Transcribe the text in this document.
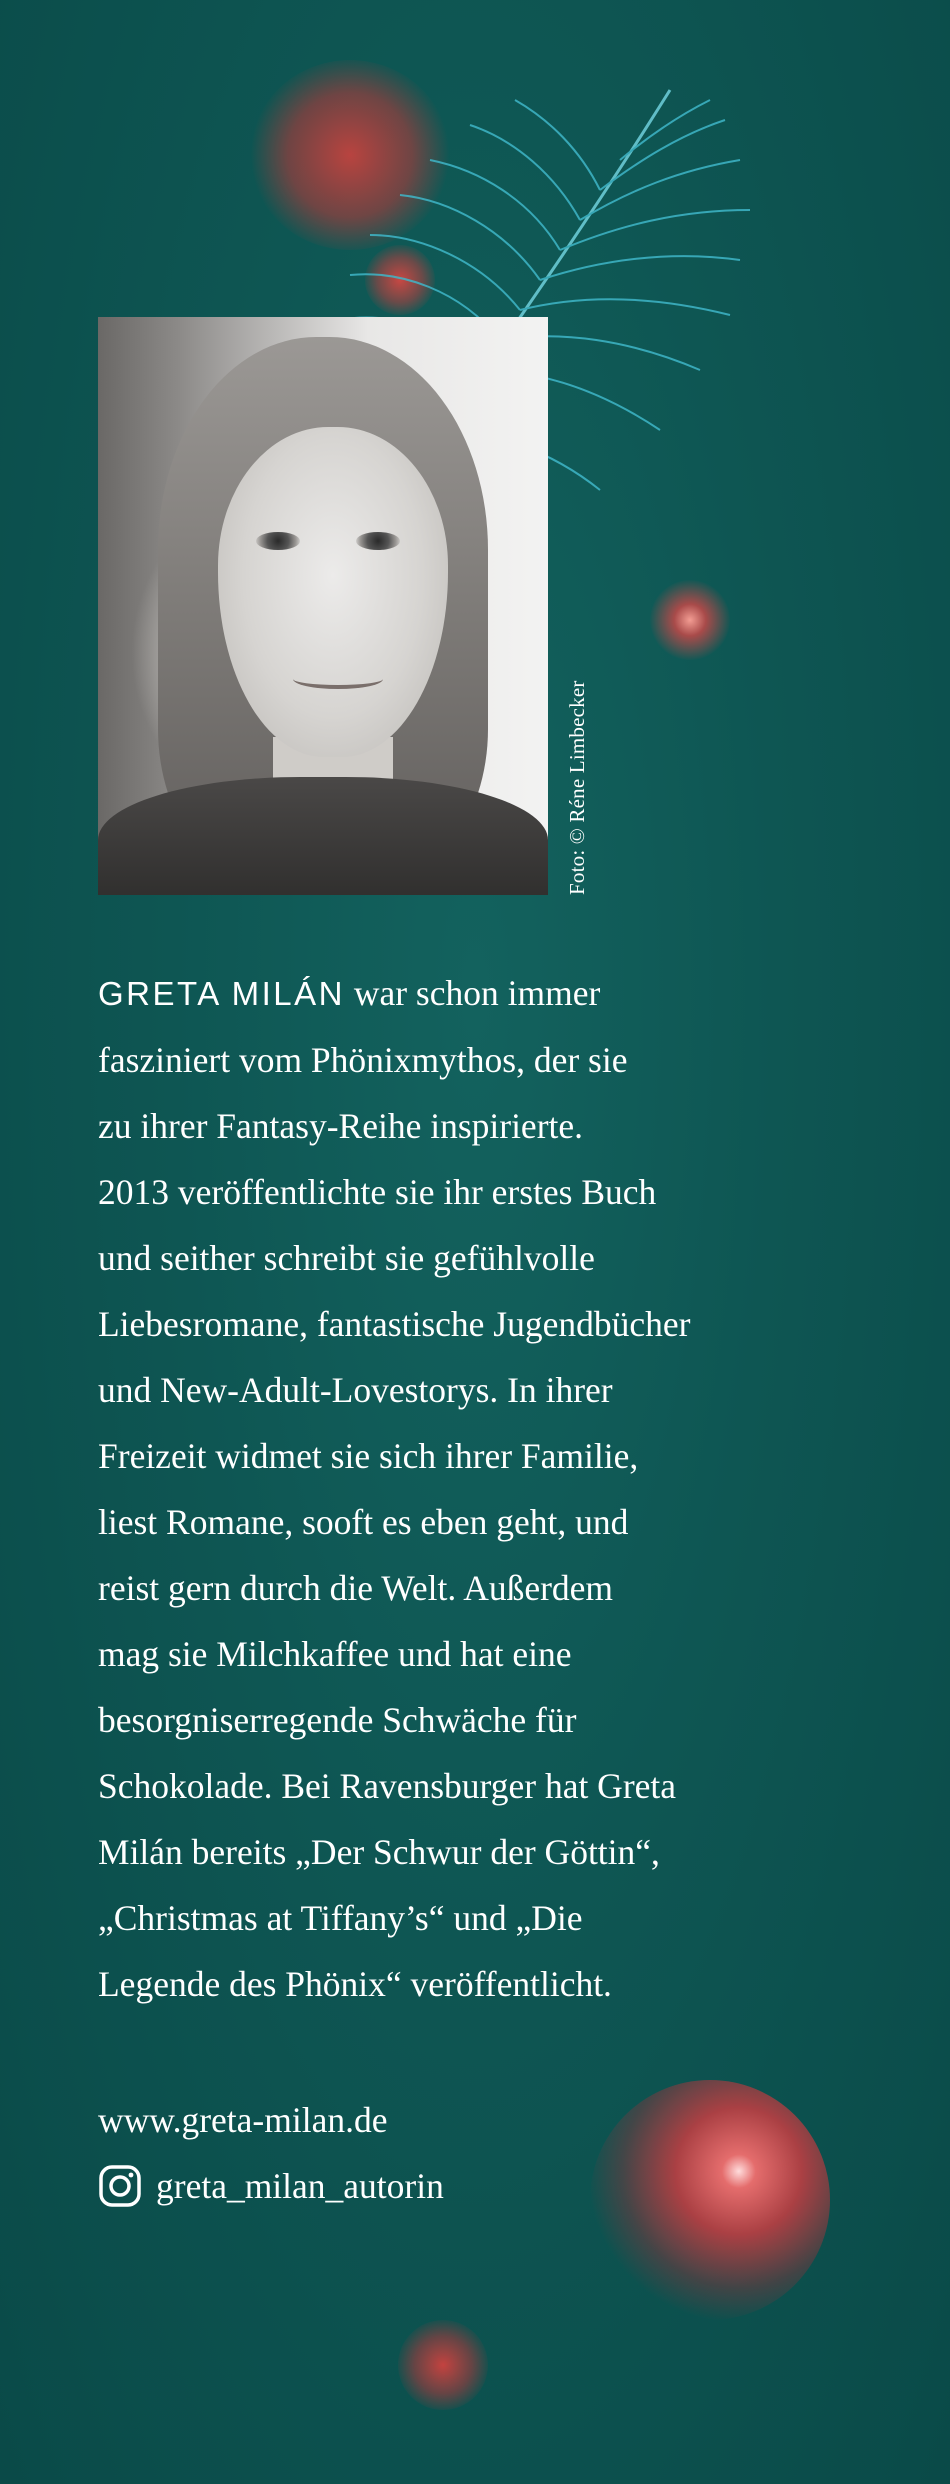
Foto: © Réne Limbecker
GRETA MILÁN war schon immer
fasziniert vom Phönixmythos, der sie
zu ihrer Fantasy-Reihe inspirierte.
2013 veröffentlichte sie ihr erstes Buch
und seither schreibt sie gefühlvolle
Liebesromane, fantastische Jugendbücher
und New-Adult-Lovestorys. In ihrer
Freizeit widmet sie sich ihrer Familie,
liest Romane, sooft es eben geht, und
reist gern durch die Welt. Außerdem
mag sie Milchkaffee und hat eine
besorgniserregende Schwäche für
Schokolade. Bei Ravensburger hat Greta
Milán bereits „Der Schwur der Göttin“,
„Christmas at Tiffany’s“ und „Die
Legende des Phönix“ veröffentlicht.
www.greta-milan.de
greta_milan_autorin
